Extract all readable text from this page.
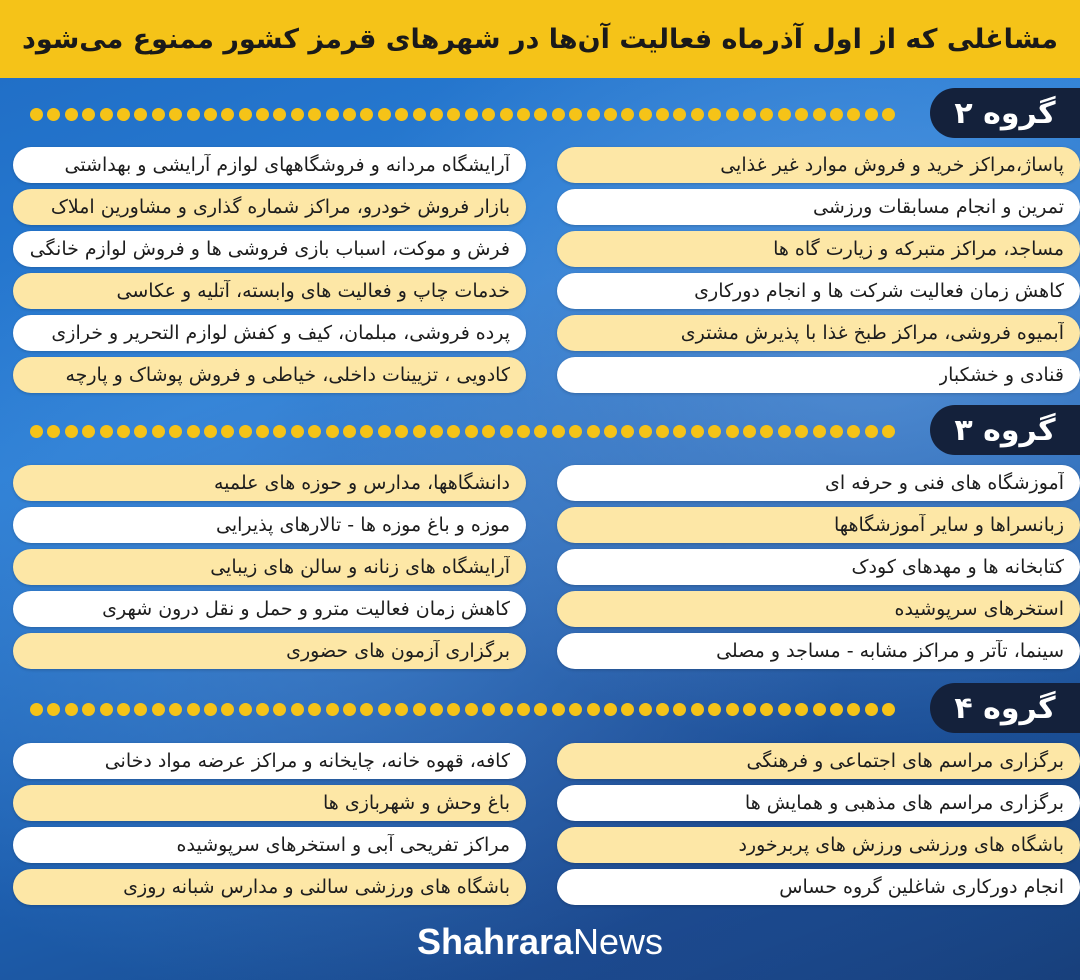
مشاغلی که از اول آذرماه فعالیت آن‌ها در شهرهای قرمز کشور ممنوع می‌شود
گروه ۲
پاساژ،مراکز خرید و فروش موارد غیر غذایی
تمرین و انجام مسابقات ورزشی
مساجد، مراکز متبرکه و زیارت گاه ها
کاهش زمان فعالیت شرکت ها و انجام دورکاری
آبمیوه فروشی، مراکز طبخ غذا با پذیرش مشتری
قنادی و خشکبار
آرایشگاه مردانه و فروشگاههای لوازم آرایشی و بهداشتی
بازار فروش خودرو، مراکز شماره گذاری و مشاورین املاک
فرش و موکت، اسباب بازی فروشی ها و فروش لوازم خانگی
خدمات چاپ و فعالیت های وابسته، آتلیه و عکاسی
پرده فروشی، مبلمان، کیف و کفش لوازم التحریر و خرازی
کادویی ، تزیینات داخلی، خیاطی و فروش پوشاک و پارچه
گروه ۳
آموزشگاه های فنی و حرفه ای
زبانسراها و سایر آموزشگاهها
کتابخانه ها و مهدهای کودک
استخرهای سرپوشیده
سینما، تآتر و مراکز مشابه - مساجد و مصلی
دانشگاهها، مدارس و حوزه های علمیه
موزه و باغ موزه ها - تالارهای پذیرایی
آرایشگاه های زنانه و سالن های زیبایی
کاهش زمان فعالیت مترو و حمل و نقل درون شهری
برگزاری آزمون های حضوری
گروه ۴
برگزاری مراسم های اجتماعی و فرهنگی
برگزاری مراسم های مذهبی و همایش ها
باشگاه های ورزشی ورزش های پربرخورد
انجام دورکاری شاغلین گروه حساس
کافه، قهوه خانه، چایخانه و مراکز عرضه مواد دخانی
باغ وحش و شهربازی ها
مراکز تفریحی آبی و استخرهای سرپوشیده
باشگاه های ورزشی سالنی و مدارس شبانه روزی
Shahrara News
